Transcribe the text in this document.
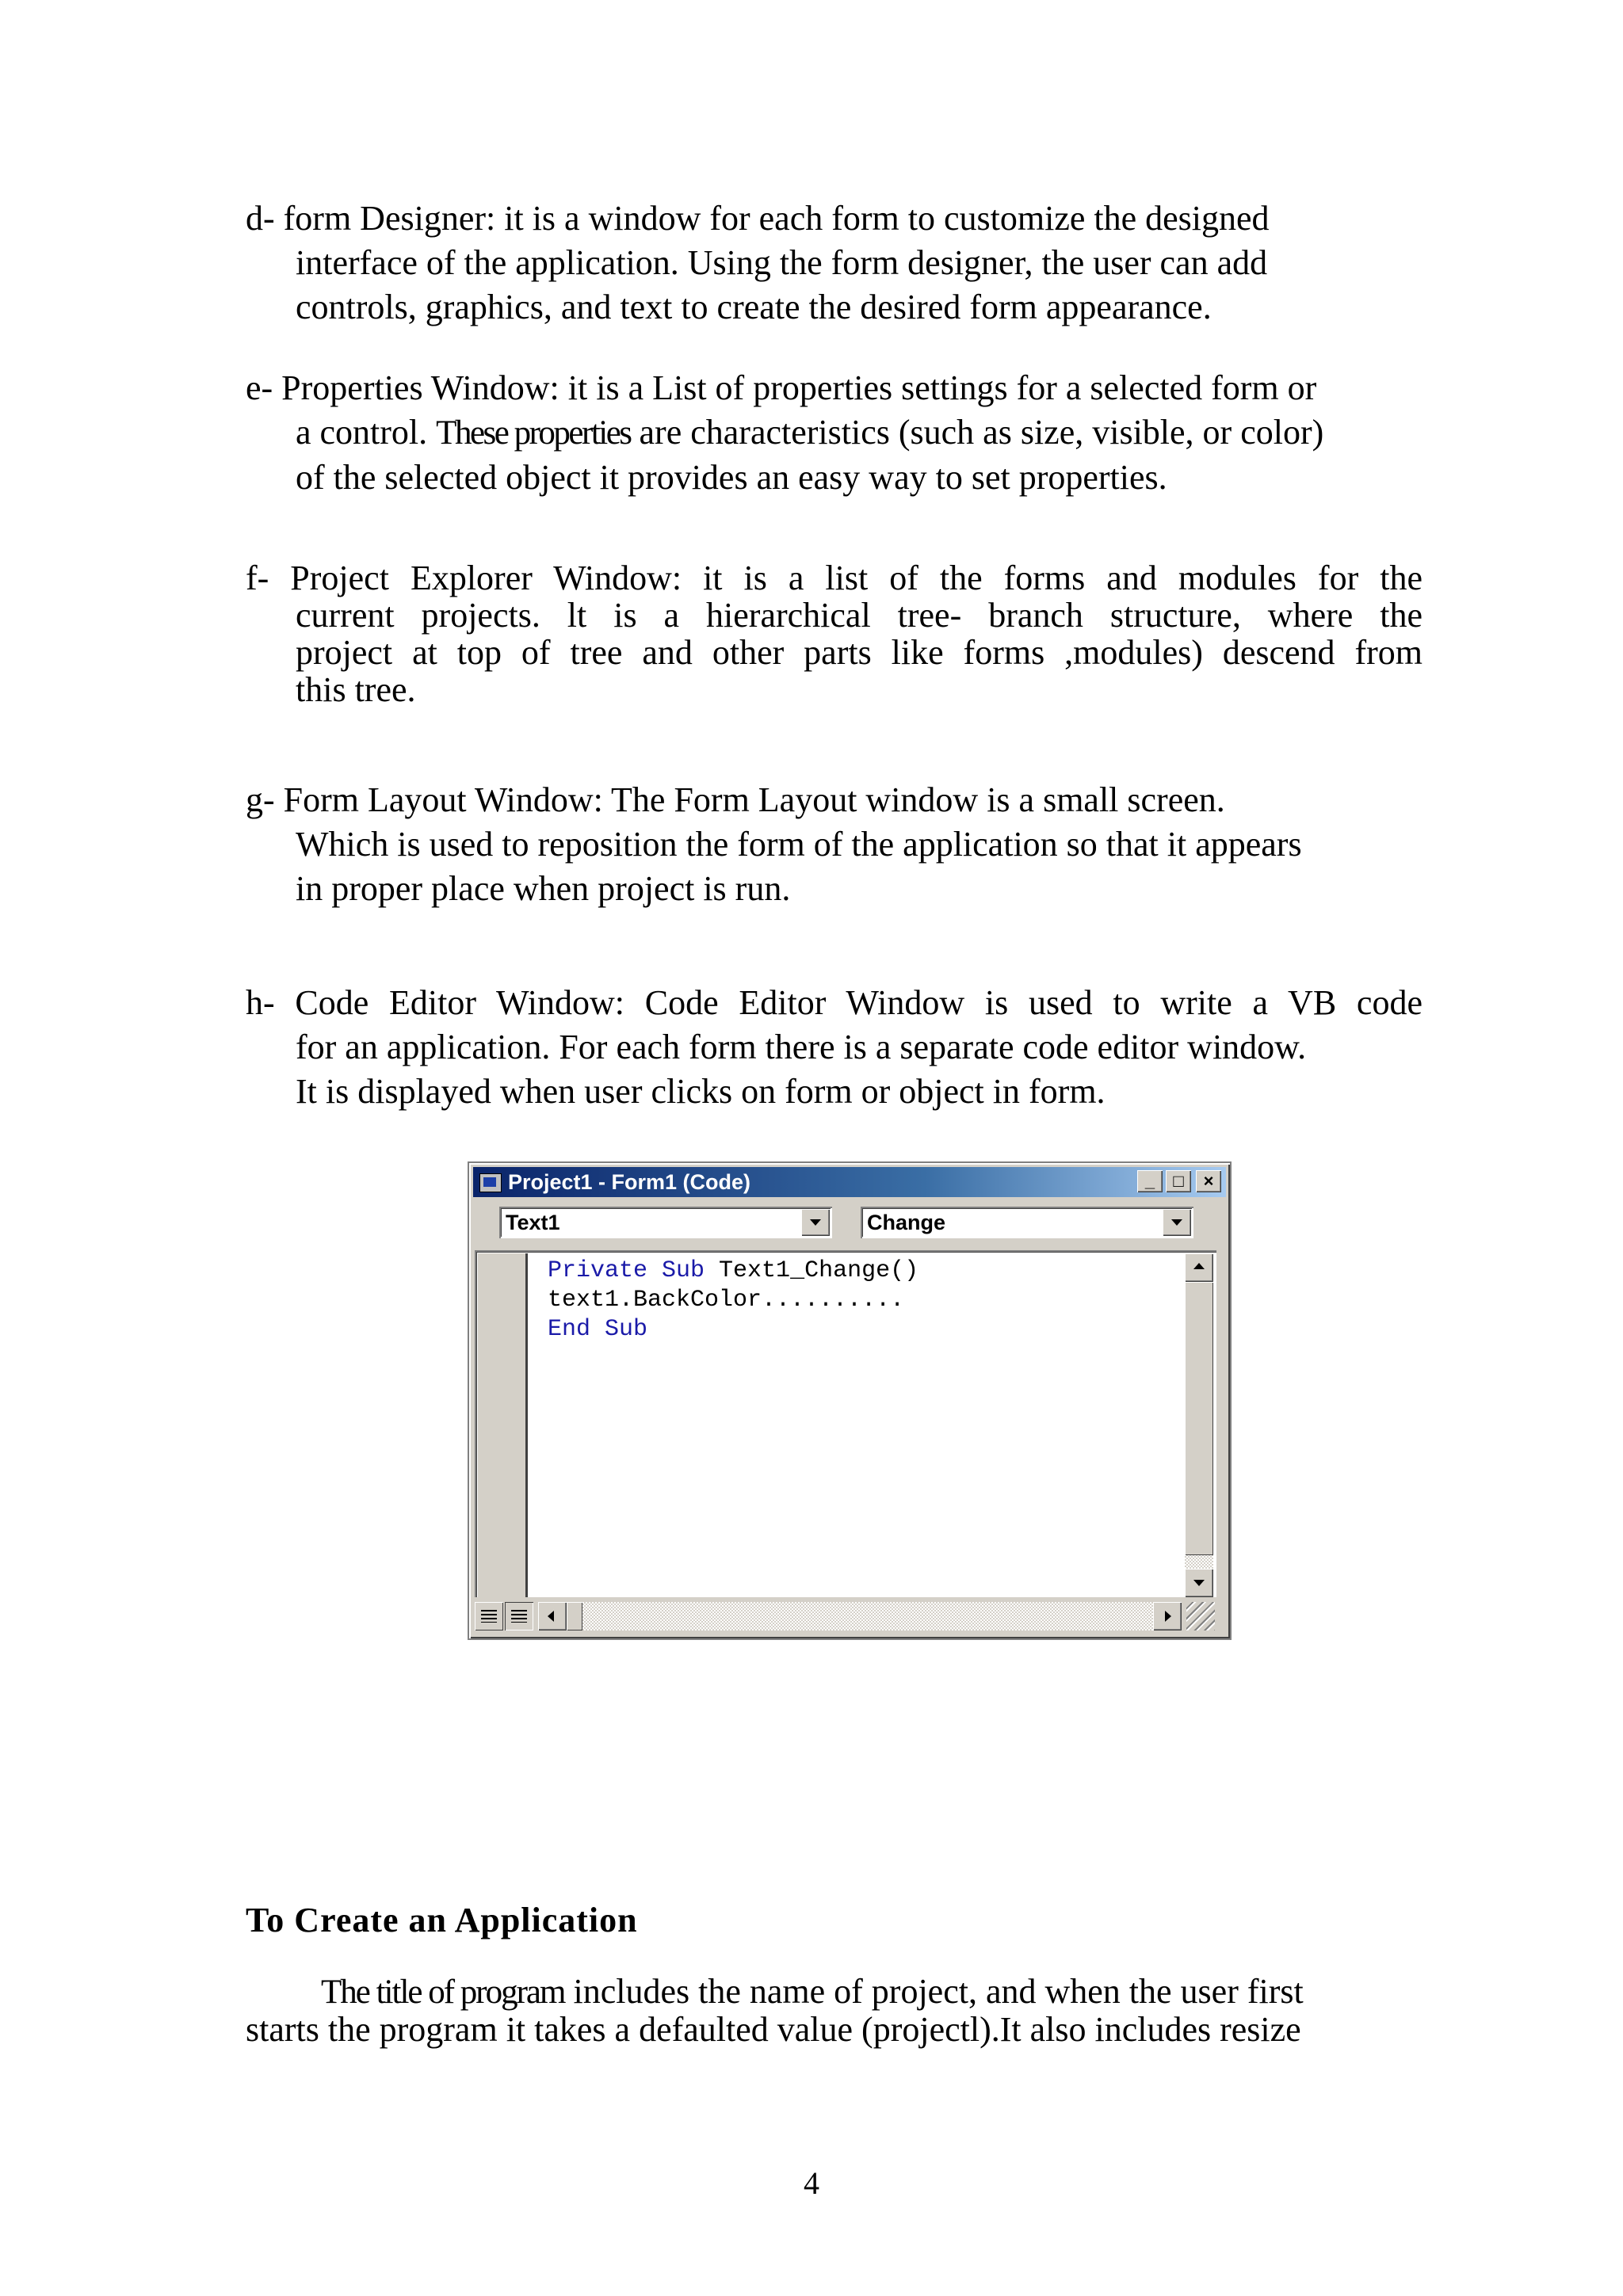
d- form Designer: it is a window for each form to customize the designed
interface of the application. Using the form designer, the user can add
controls, graphics, and text to create the desired form appearance.
e- Properties Window: it is a List of properties settings for a selected form or
a control. These properties are characteristics (such as size, visible, or color)
of the selected object it provides an easy way to set properties.
f- Project Explorer Window: it is a list of the forms and modules for the
current projects. lt is a hierarchical tree- branch structure, where the
project at top of tree and other parts like forms ,modules) descend from
this tree.
g- Form Layout Window: The Form Layout window is a small screen.
Which is used to reposition the form of the application so that it appears
in proper place when project is run.
h- Code Editor Window: Code Editor Window is used to write a VB code
for an application. For each form there is a separate code editor window.
It is displayed when user clicks on form or object in form.
Project1 - Form1 (Code)	_	□	×
Text1	Change
Private Sub Text1_Change()
text1.BackColor..........
End Sub
To Create an Application
The title of program includes the name of project, and when the user first
starts the program it takes a defaulted value (projectl).It also includes resize
4
